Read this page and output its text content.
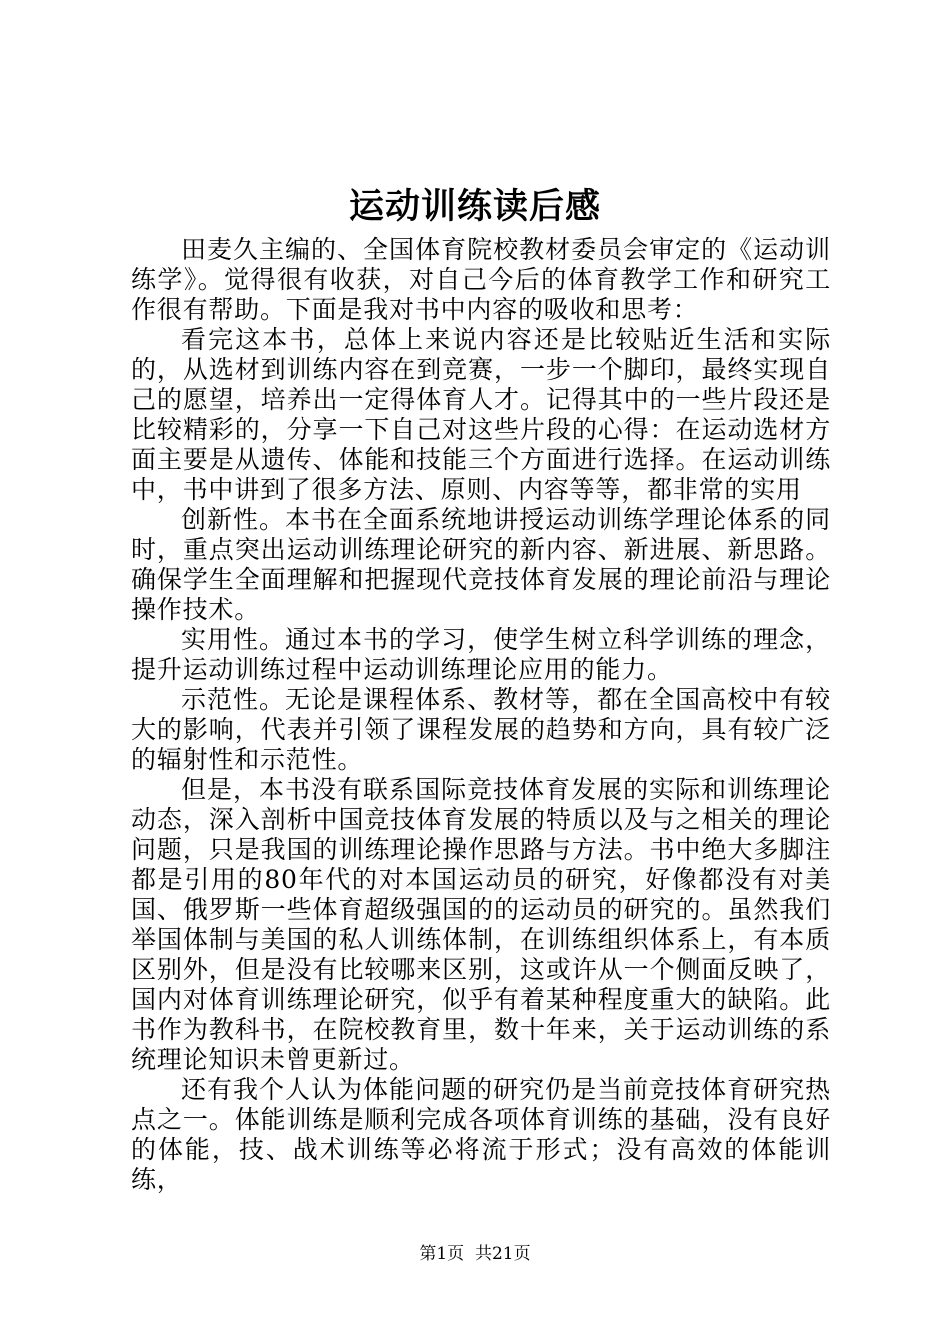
运动训练读后感

田麦久主编的、全国体育院校教材委员会审定的《运动训练学》。觉得很有收获，对自己今后的体育教学工作和研究工作很有帮助。下面是我对书中内容的吸收和思考：

看完这本书，总体上来说内容还是比较贴近生活和实际的，从选材到训练内容在到竞赛，一步一个脚印，最终实现自己的愿望，培养出一定得体育人才。记得其中的一些片段还是比较精彩的，分享一下自己对这些片段的心得：在运动选材方面主要是从遗传、体能和技能三个方面进行选择。在运动训练中，书中讲到了很多方法、原则、内容等等，都非常的实用

创新性。本书在全面系统地讲授运动训练学理论体系的同时，重点突出运动训练理论研究的新内容、新进展、新思路。确保学生全面理解和把握现代竞技体育发展的理论前沿与理论操作技术。

实用性。通过本书的学习，使学生树立科学训练的理念，提升运动训练过程中运动训练理论应用的能力。

示范性。无论是课程体系、教材等，都在全国高校中有较大的影响，代表并引领了课程发展的趋势和方向，具有较广泛的辐射性和示范性。

但是，本书没有联系国际竞技体育发展的实际和训练理论动态，深入剖析中国竞技体育发展的特质以及与之相关的理论问题，只是我国的训练理论操作思路与方法。书中绝大多脚注都是引用的80年代的对本国运动员的研究，好像都没有对美国、俄罗斯一些体育超级强国的的运动员的研究的。虽然我们举国体制与美国的私人训练体制，在训练组织体系上，有本质区别外，但是没有比较哪来区别，这或许从一个侧面反映了，国内对体育训练理论研究，似乎有着某种程度重大的缺陷。此书作为教科书，在院校教育里，数十年来，关于运动训练的系统理论知识未曾更新过。

还有我个人认为体能问题的研究仍是当前竞技体育研究热点之一。体能训练是顺利完成各项体育训练的基础，没有良好的体能，技、战术训练等必将流于形式；没有高效的体能训练，

第1页  共21页
